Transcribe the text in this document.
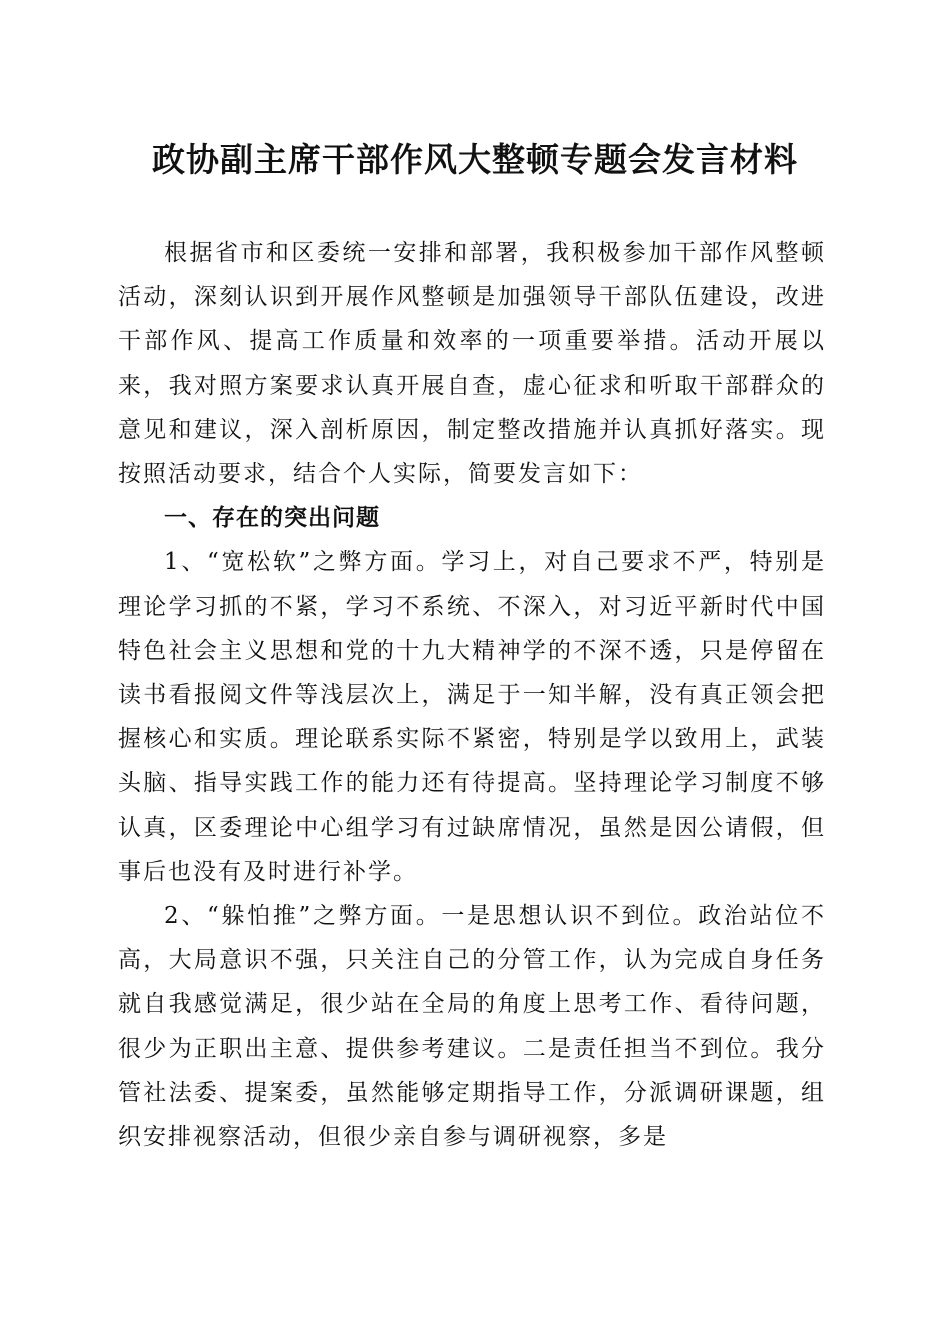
政协副主席干部作风大整顿专题会发言材料

根据省市和区委统一安排和部署，我积极参加干部作风整顿活动，深刻认识到开展作风整顿是加强领导干部队伍建设，改进干部作风、提高工作质量和效率的一项重要举措。活动开展以来，我对照方案要求认真开展自查，虚心征求和听取干部群众的意见和建议，深入剖析原因，制定整改措施并认真抓好落实。现按照活动要求，结合个人实际，简要发言如下：

一、存在的突出问题

1、“宽松软”之弊方面。学习上，对自己要求不严，特别是理论学习抓的不紧，学习不系统、不深入，对习近平新时代中国特色社会主义思想和党的十九大精神学的不深不透，只是停留在读书看报阅文件等浅层次上，满足于一知半解，没有真正领会把握核心和实质。理论联系实际不紧密，特别是学以致用上，武装头脑、指导实践工作的能力还有待提高。坚持理论学习制度不够认真，区委理论中心组学习有过缺席情况，虽然是因公请假，但事后也没有及时进行补学。

2、“躲怕推”之弊方面。一是思想认识不到位。政治站位不高，大局意识不强，只关注自己的分管工作，认为完成自身任务就自我感觉满足，很少站在全局的角度上思考工作、看待问题，很少为正职出主意、提供参考建议。二是责任担当不到位。我分管社法委、提案委，虽然能够定期指导工作，分派调研课题，组织安排视察活动，但很少亲自参与调研视察，多是
